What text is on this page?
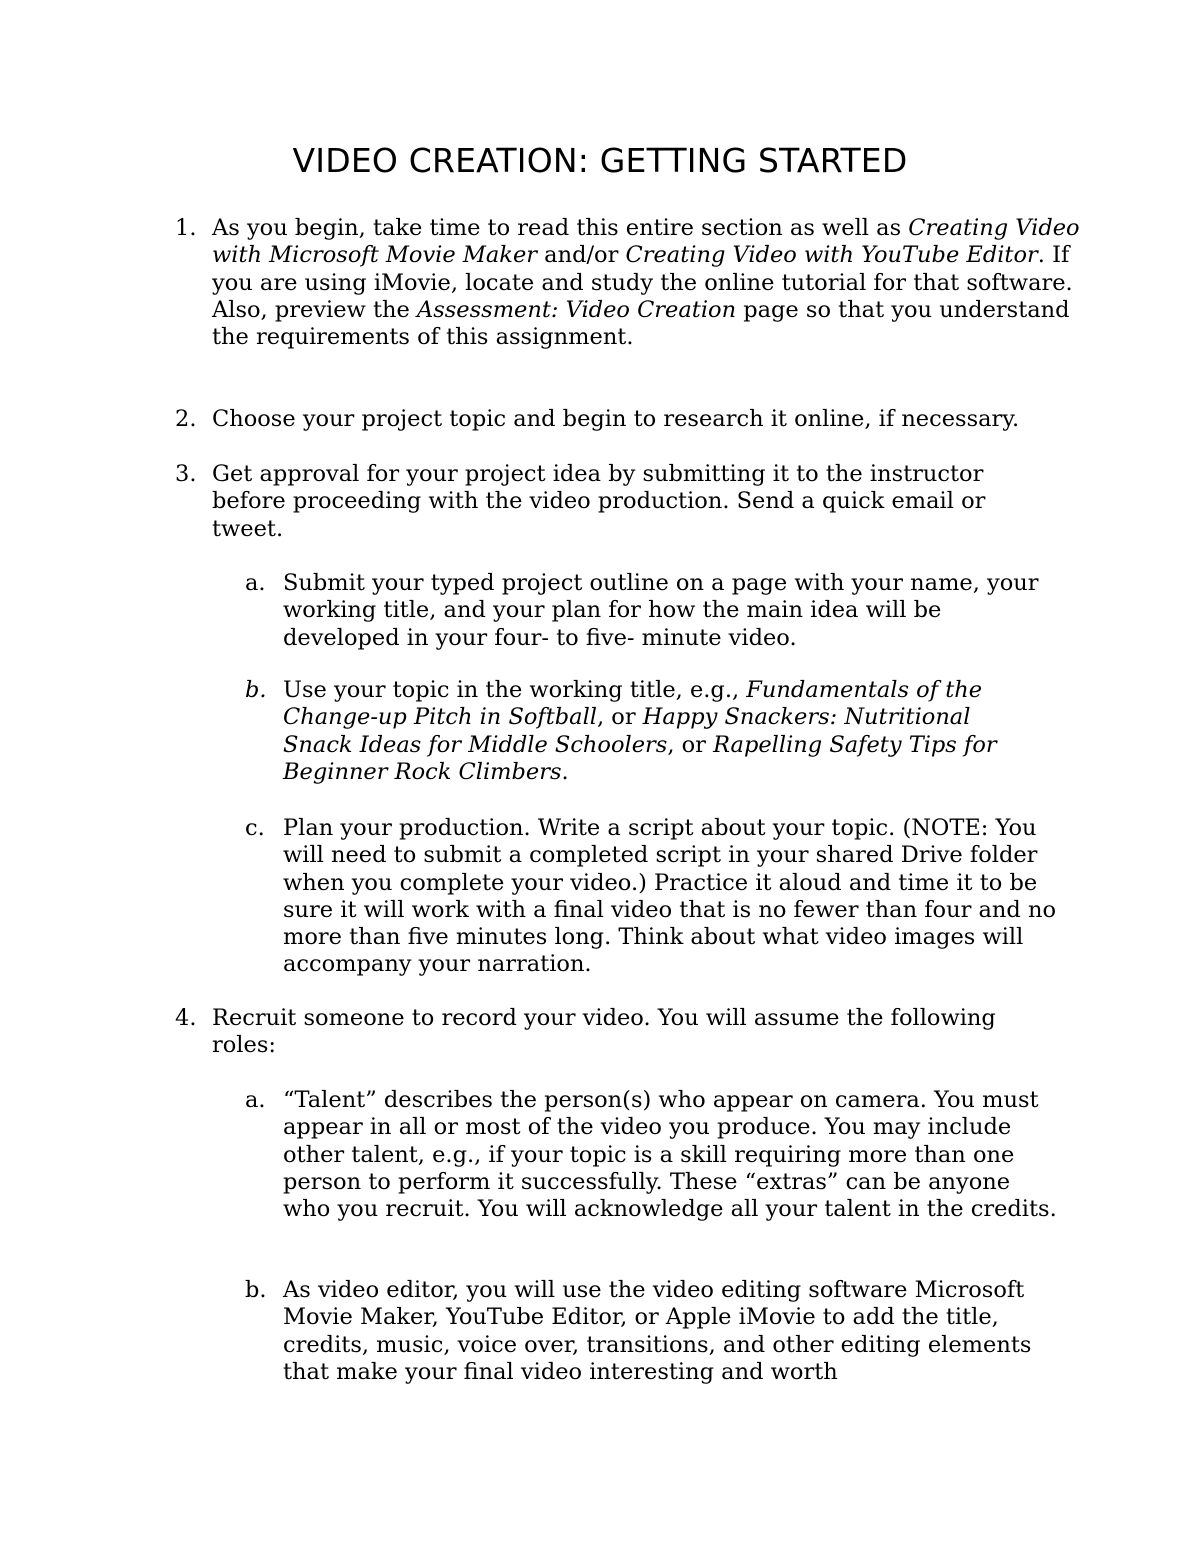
VIDEO CREATION: GETTING STARTED
1. As you begin, take time to read this entire section as well as Creating Video with Microsoft Movie Maker and/or Creating Video with YouTube Editor. If you are using iMovie, locate and study the online tutorial for that software. Also, preview the Assessment: Video Creation page so that you understand the requirements of this assignment.
2. Choose your project topic and begin to research it online, if necessary.
3. Get approval for your project idea by submitting it to the instructor before proceeding with the video production. Send a quick email or tweet.
a. Submit your typed project outline on a page with your name, your working title, and your plan for how the main idea will be developed in your four- to five- minute video.
b. Use your topic in the working title, e.g., Fundamentals of the Change-up Pitch in Softball, or Happy Snackers: Nutritional Snack Ideas for Middle Schoolers, or Rapelling Safety Tips for Beginner Rock Climbers.
c. Plan your production. Write a script about your topic. (NOTE: You will need to submit a completed script in your shared Drive folder when you complete your video.) Practice it aloud and time it to be sure it will work with a final video that is no fewer than four and no more than five minutes long. Think about what video images will accompany your narration.
4. Recruit someone to record your video. You will assume the following roles:
a. “Talent” describes the person(s) who appear on camera. You must appear in all or most of the video you produce. You may include other talent, e.g., if your topic is a skill requiring more than one person to perform it successfully. These “extras” can be anyone who you recruit. You will acknowledge all your talent in the credits.
b. As video editor, you will use the video editing software Microsoft Movie Maker, YouTube Editor, or Apple iMovie to add the title, credits, music, voice over, transitions, and other editing elements that make your final video interesting and worth
